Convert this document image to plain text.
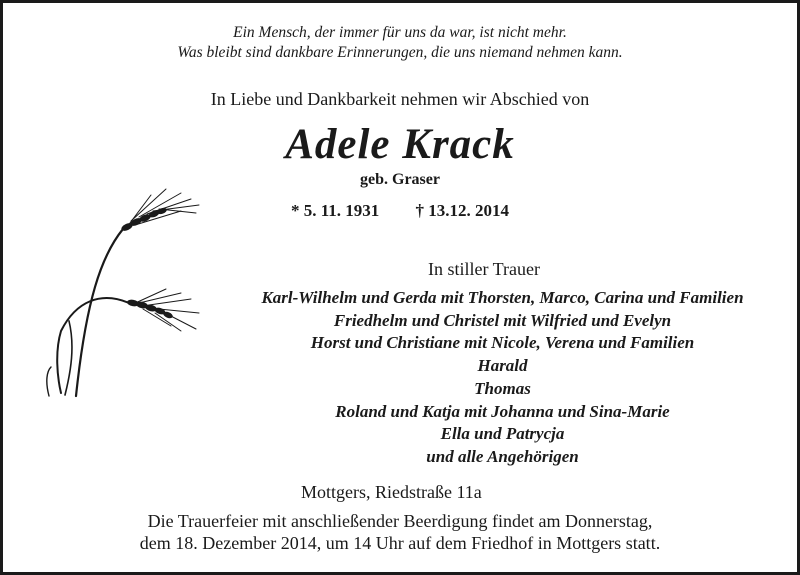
Ein Mensch, der immer für uns da war, ist nicht mehr.
Was bleibt sind dankbare Erinnerungen, die uns niemand nehmen kann.
In Liebe und Dankbarkeit nehmen wir Abschied von
Adele Krack
geb. Graser
* 5. 11. 1931 † 13.12. 2014
In stiller Trauer
Karl-Wilhelm und Gerda mit Thorsten, Marco, Carina und Familien
Friedhelm und Christel mit Wilfried und Evelyn
Horst und Christiane mit Nicole, Verena und Familien
Harald
Thomas
Roland und Katja mit Johanna und Sina-Marie
Ella und Patrycja
und alle Angehörigen
Mottgers, Riedstraße 11a
Die Trauerfeier mit anschließender Beerdigung findet am Donnerstag,
dem 18. Dezember 2014, um 14 Uhr auf dem Friedhof in Mottgers statt.
